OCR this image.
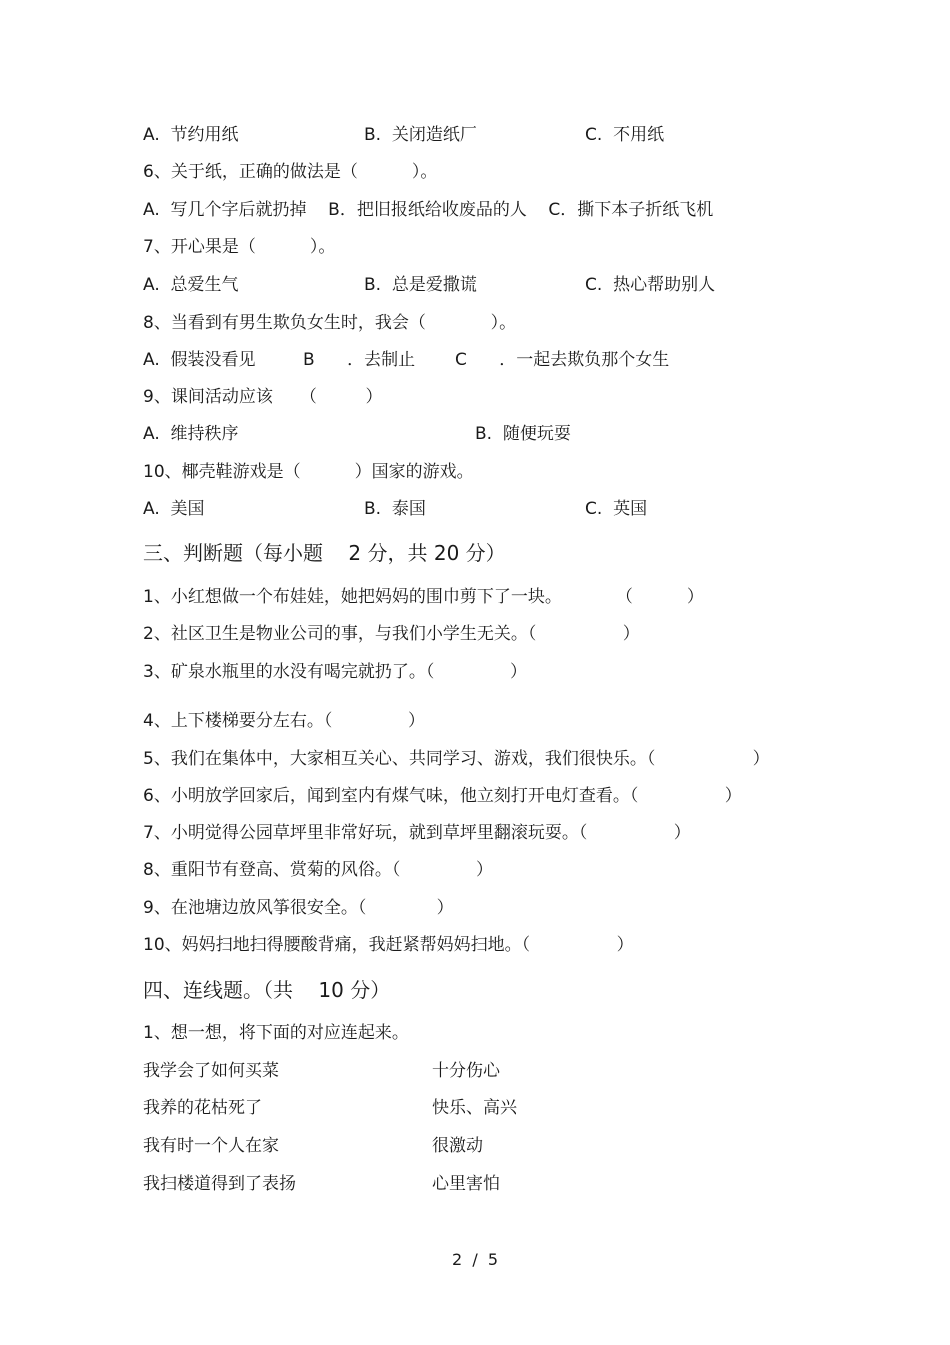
A.  节约用纸	B.  关闭造纸厂	C.  不用纸
6、关于纸，正确的做法是（          ）。
A.  写几个字后就扔掉    B．把旧报纸给收废品的人    C．撕下本子折纸飞机
7、开心果是（          ）。
A.  总爱生气	B.  总是爱撒谎	C.  热心帮助别人
8、当看到有男生欺负女生时，我会（            ）。
A.  假装没看见	B      ．去制止 C      ．一起去欺负那个女生
9、课间活动应该     （         ）
A.  维持秩序	B.  随便玩耍
10、椰壳鞋游戏是（          ）国家的游戏。
A.  美国	B.  泰国	C.  英国
三、判断题（每小题    2 分，共 20 分）
1、小红想做一个布娃娃，她把妈妈的围巾剪下了一块。          （          ）
2、社区卫生是物业公司的事，与我们小学生无关。（                ）
3、矿泉水瓶里的水没有喝完就扔了。（              ）
4、上下楼梯要分左右。（              ）
5、我们在集体中，大家相互关心、共同学习、游戏，我们很快乐。（                  ）
6、小明放学回家后，闻到室内有煤气味，他立刻打开电灯查看。（                ）
7、小明觉得公园草坪里非常好玩，就到草坪里翻滚玩耍。（                ）
8、重阳节有登高、赏菊的风俗。（              ）
9、在池塘边放风筝很安全。（             ）
10、妈妈扫地扫得腰酸背痛，我赶紧帮妈妈扫地。（                ）
四、连线题。（共    10 分）
1、想一想，将下面的对应连起来。
我学会了如何买菜	十分伤心
我养的花枯死了	快乐、高兴
我有时一个人在家	很激动
我扫楼道得到了表扬	心里害怕
2  /  5
